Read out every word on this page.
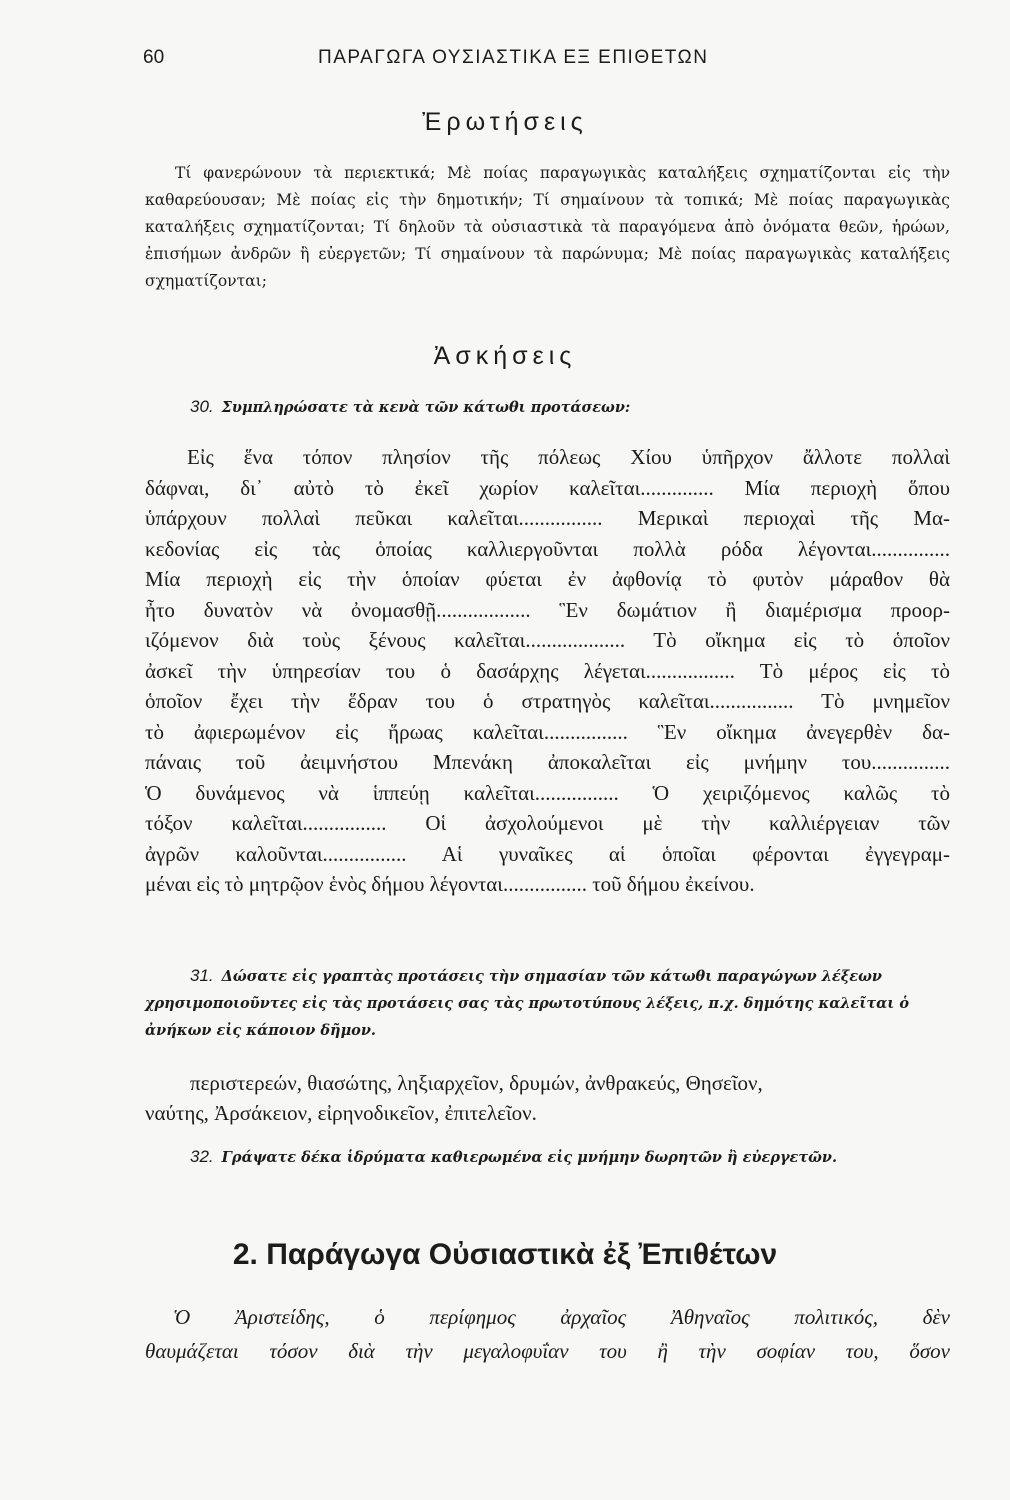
60	ΠΑΡΑΓΩΓΑ ΟΥΣΙΑΣΤΙΚΑ ΕΞ ΕΠΙΘΕΤΩΝ
Ἐρωτήσεις

Τί φανερώνουν τὰ περιεκτικά; Μὲ ποίας παραγωγικὰς καταλήξεις σχηματίζονται εἰς τὴν καθαρεύουσαν; Μὲ ποίας εἰς τὴν δημοτικήν; Τί σημαίνουν τὰ τοπικά; Μὲ ποίας παραγωγικὰς καταλήξεις σχηματίζονται; Τί δηλοῦν τὰ οὐσιαστικὰ τὰ παραγόμενα ἀπὸ ὀνόματα θεῶν, ἡρώων, ἐπισήμων ἀνδρῶν ἢ εὐεργετῶν; Τί σημαίνουν τὰ παρώνυμα; Μὲ ποίας παραγωγικὰς καταλήξεις σχηματίζονται;

Ἀσκήσεις

30. Συμπληρώσατε τὰ κενὰ τῶν κάτωθι προτάσεων:

Εἰς ἕνα τόπον πλησίον τῆς πόλεως Χίου ὑπῆρχον ἄλλοτε πολλαὶ
δάφναι, δι᾿ αὐτὸ τὸ ἐκεῖ χωρίον καλεῖται.............. Μία περιοχὴ ὅπου
ὑπάρχουν πολλαὶ πεῦκαι καλεῖται................ Μερικαὶ περιοχαὶ τῆς Μα-
κεδονίας εἰς τὰς ὁποίας καλλιεργοῦνται πολλὰ ρόδα λέγονται...............
Μία περιοχὴ εἰς τὴν ὁποίαν φύεται ἐν ἀφθονίᾳ τὸ φυτὸν μάραθον θὰ
ἦτο δυνατὸν νὰ ὀνομασθῇ.................. Ἓν δωμάτιον ἢ διαμέρισμα προορ-
ιζόμενον διὰ τοὺς ξένους καλεῖται................... Τὸ οἴκημα εἰς τὸ ὁποῖον
ἀσκεῖ τὴν ὑπηρεσίαν του ὁ δασάρχης λέγεται................. Τὸ μέρος εἰς τὸ
ὁποῖον ἔχει τὴν ἕδραν του ὁ στρατηγὸς καλεῖται................ Τὸ μνημεῖον
τὸ ἀφιερωμένον εἰς ἥρωας καλεῖται................ Ἓν οἴκημα ἀνεγερθὲν δα-
πάναις τοῦ ἀειμνήστου Μπενάκη ἀποκαλεῖται εἰς μνήμην του...............
Ὁ δυνάμενος νὰ ἱππεύῃ καλεῖται................ Ὁ χειριζόμενος καλῶς τὸ
τόξον καλεῖται................ Οἱ ἀσχολούμενοι μὲ τὴν καλλιέργειαν τῶν
ἀγρῶν καλοῦνται................ Αἱ γυναῖκες αἱ ὁποῖαι φέρονται ἐγγεγραμ-
μέναι εἰς τὸ μητρῷον ἑνὸς δήμου λέγονται................ τοῦ δήμου ἐκείνου.

31. Δώσατε εἰς γραπτὰς προτάσεις τὴν σημασίαν τῶν κάτωθι παραγώγων λέξεων χρησιμοποιοῦντες εἰς τὰς προτάσεις σας τὰς πρωτοτύπους λέξεις, π.χ. δημότης καλεῖται ὁ ἀνήκων εἰς κάποιον δῆμον.

περιστερεών, θιασώτης, ληξιαρχεῖον, δρυμών, ἀνθρακεύς, Θησεῖον,
ναύτης, Ἀρσάκειον, εἰρηνοδικεῖον, ἐπιτελεῖον.

32. Γράψατε δέκα ἱδρύματα καθιερωμένα εἰς μνήμην δωρητῶν ἢ εὐεργετῶν.

2. Παράγωγα Οὐσιαστικὰ ἐξ Ἐπιθέτων
Ὁ Ἀριστείδης, ὁ περίφημος ἀρχαῖος Ἀθηναῖος πολιτικός, δὲν
θαυμάζεται τόσον διὰ τὴν μεγαλοφυΐαν του ἢ τὴν σοφίαν του, ὅσον
